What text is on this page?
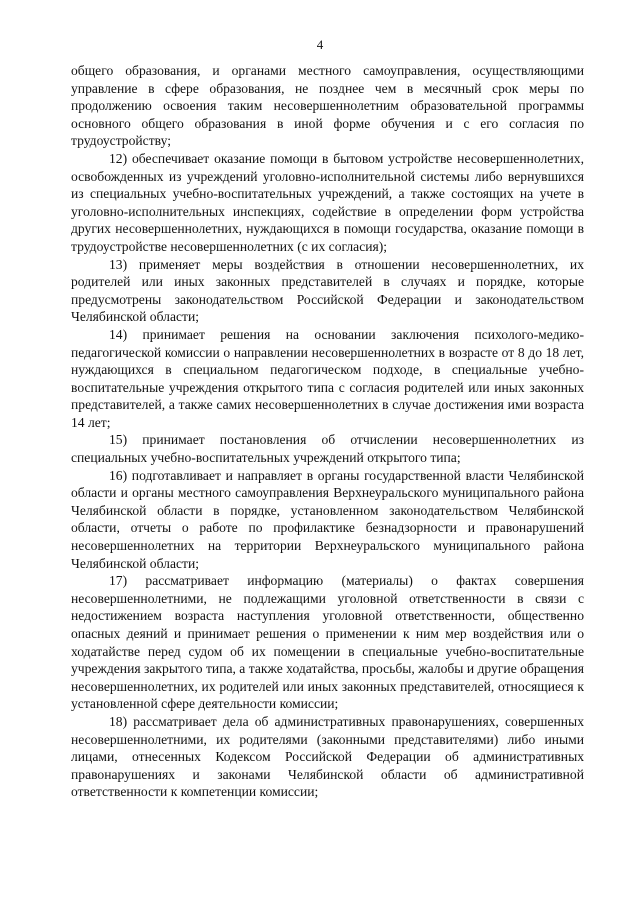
4

общего образования, и органами местного самоуправления, осуществляющими управление в сфере образования, не позднее чем в месячный срок меры по продолжению освоения таким несовершеннолетним образовательной программы основного общего образования в иной форме обучения и с его согласия по трудоустройству;

12) обеспечивает оказание помощи в бытовом устройстве несовершеннолетних, освобожденных из учреждений уголовно-исполнительной системы либо вернувшихся из специальных учебно-воспитательных учреждений, а также состоящих на учете в уголовно-исполнительных инспекциях, содействие в определении форм устройства других несовершеннолетних, нуждающихся в помощи государства, оказание помощи в трудоустройстве несовершеннолетних (с их согласия);

13) применяет меры воздействия в отношении несовершеннолетних, их родителей или иных законных представителей в случаях и порядке, которые предусмотрены законодательством Российской Федерации и законодательством Челябинской области;

14) принимает решения на основании заключения психолого-медико-педагогической комиссии о направлении несовершеннолетних в возрасте от 8 до 18 лет, нуждающихся в специальном педагогическом подходе, в специальные учебно-воспитательные учреждения открытого типа с согласия родителей или иных законных представителей, а также самих несовершеннолетних в случае достижения ими возраста 14 лет;

15) принимает постановления об отчислении несовершеннолетних из специальных учебно-воспитательных учреждений открытого типа;

16) подготавливает и направляет в органы государственной власти Челябинской области и органы местного самоуправления Верхнеуральского муниципального района Челябинской области в порядке, установленном законодательством Челябинской области, отчеты о работе по профилактике безнадзорности и правонарушений несовершеннолетних на территории Верхнеуральского муниципального района Челябинской области;

17) рассматривает информацию (материалы) о фактах совершения несовершеннолетними, не подлежащими уголовной ответственности в связи с недостижением возраста наступления уголовной ответственности, общественно опасных деяний и принимает решения о применении к ним мер воздействия или о ходатайстве перед судом об их помещении в специальные учебно-воспитательные учреждения закрытого типа, а также ходатайства, просьбы, жалобы и другие обращения несовершеннолетних, их родителей или иных законных представителей, относящиеся к установленной сфере деятельности комиссии;

18) рассматривает дела об административных правонарушениях, совершенных несовершеннолетними, их родителями (законными представителями) либо иными лицами, отнесенных Кодексом Российской Федерации об административных правонарушениях и законами Челябинской области об административной ответственности к компетенции комиссии;
